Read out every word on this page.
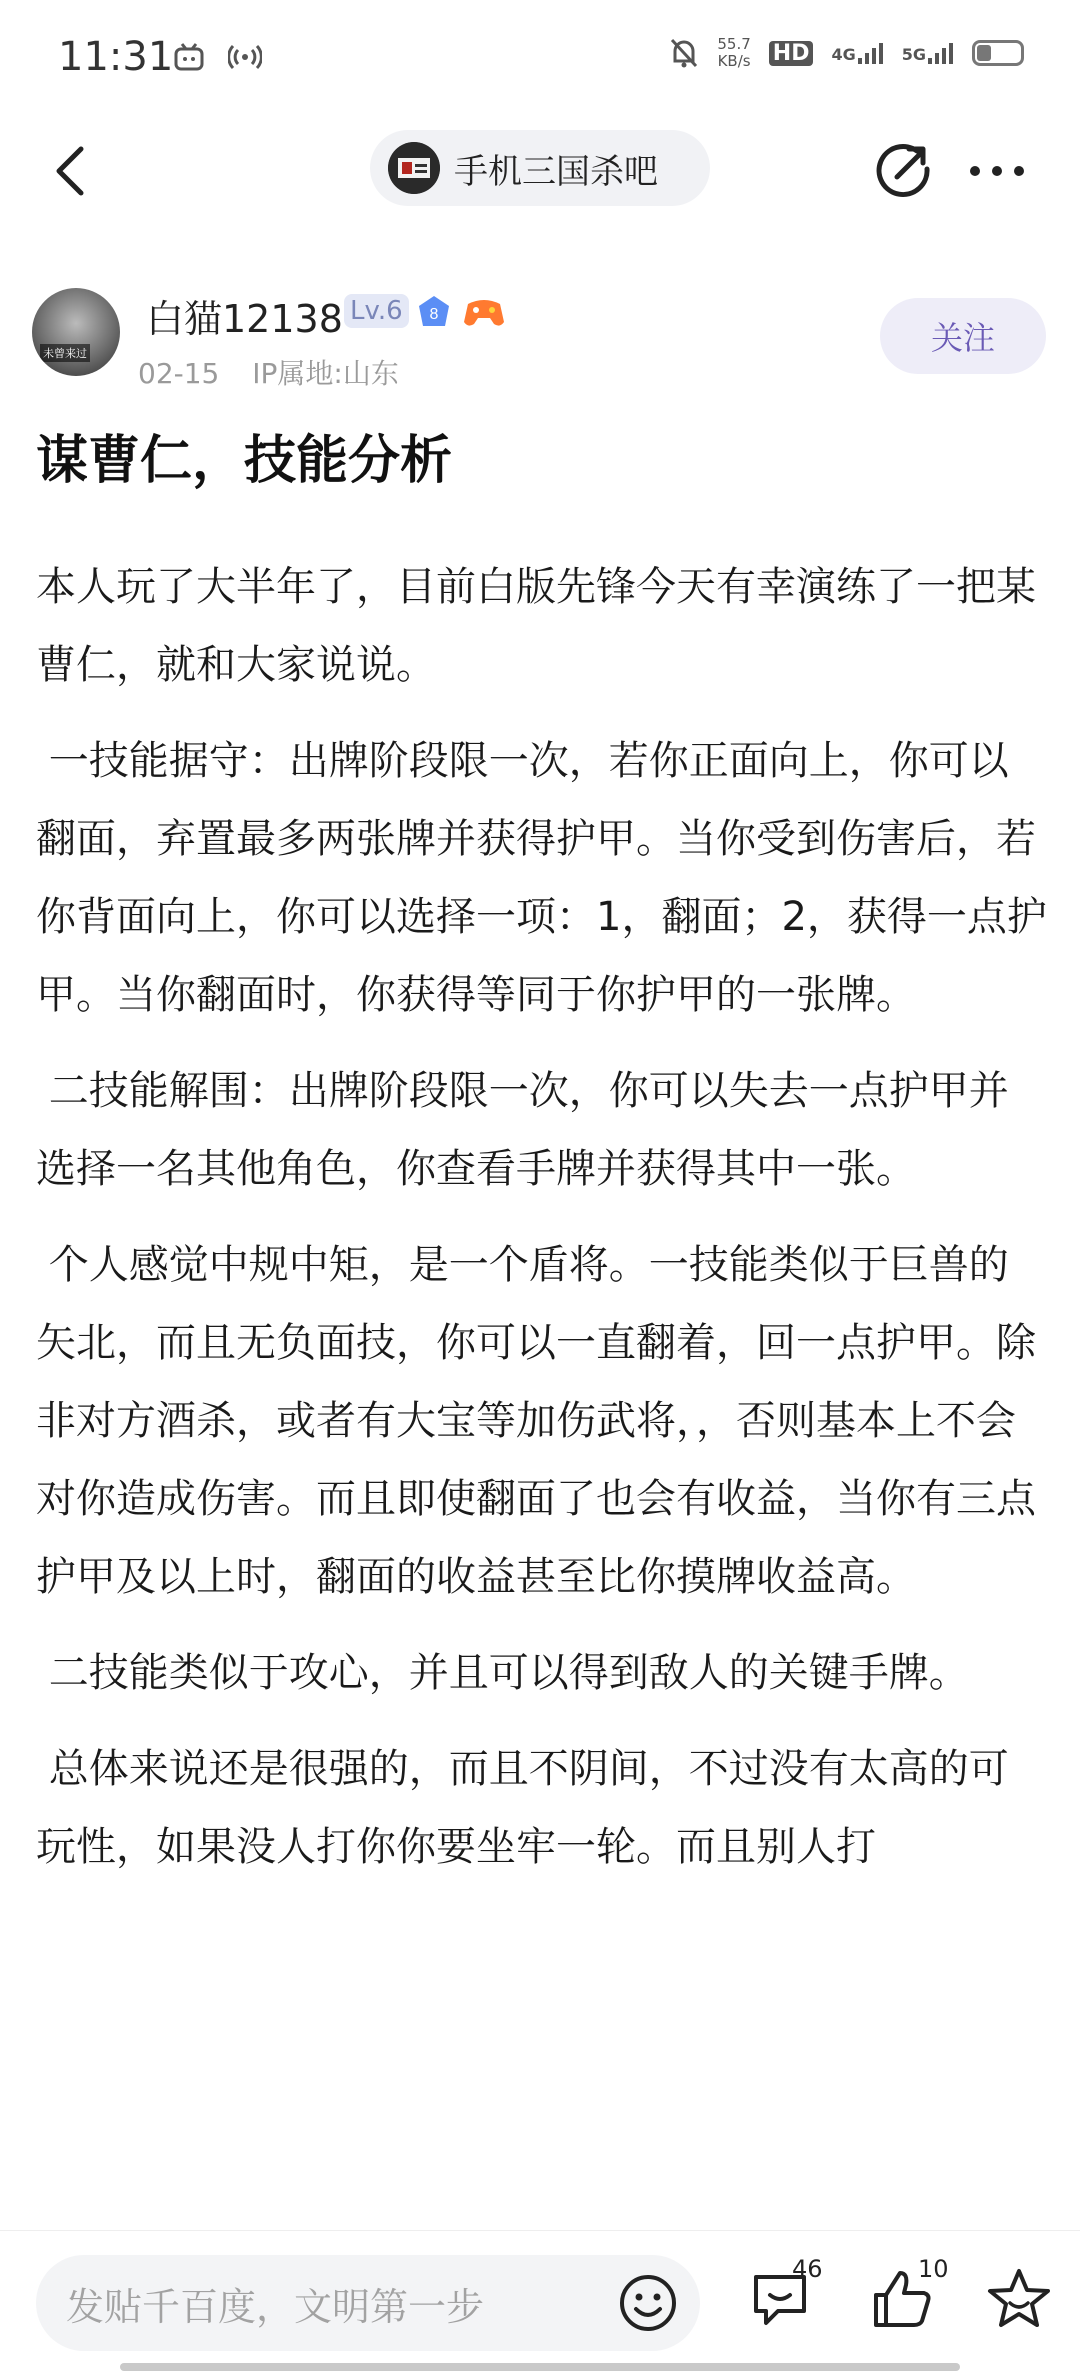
11:31	55.7
KB/s HD 4G	5G
手机三国杀吧
未曾来过
白猫12138 Lv.6	8
02-15 IP属地:山东
关注
谋曹仁，技能分析

本人玩了大半年了，目前白版先锋今天有幸演练了一把某曹仁，就和大家说说。

一技能据守：出牌阶段限一次，若你正面向上，你可以翻面，弃置最多两张牌并获得护甲。当你受到伤害后，若你背面向上，你可以选择一项：1，翻面；2，获得一点护甲。当你翻面时，你获得等同于你护甲的一张牌。

二技能解围：出牌阶段限一次，你可以失去一点护甲并选择一名其他角色，你查看手牌并获得其中一张。

个人感觉中规中矩，是一个盾将。一技能类似于巨兽的矢北，而且无负面技，你可以一直翻着，回一点护甲。除非对方酒杀，或者有大宝等加伤武将，，否则基本上不会对你造成伤害。而且即使翻面了也会有收益，当你有三点护甲及以上时，翻面的收益甚至比你摸牌收益高。

二技能类似于攻心，并且可以得到敌人的关键手牌。

总体来说还是很强的，而且不阴间，不过没有太高的可玩性，如果没人打你你要坐牢一轮。而且别人打

发贴千百度，文明第一步
46	10
